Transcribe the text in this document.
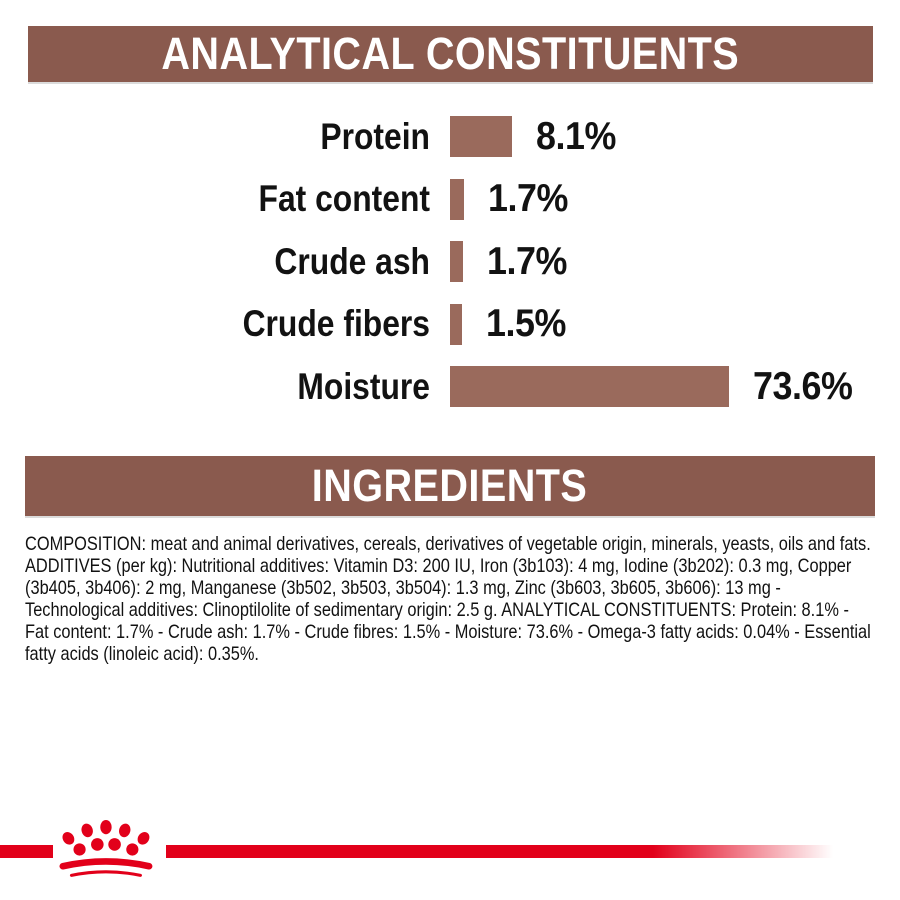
ANALYTICAL CONSTITUENTS
Protein	8.1%
Fat content 1.7%
Crude ash 1.7%
Crude fibers 1.5%
Moisture	73.6%
INGREDIENTS

COMPOSITION: meat and animal derivatives, cereals, derivatives of vegetable origin, minerals, yeasts, oils and fats. ADDITIVES (per kg): Nutritional additives: Vitamin D3: 200 IU, Iron (3b103): 4 mg, Iodine (3b202): 0.3 mg, Copper (3b405, 3b406): 2 mg, Manganese (3b502, 3b503, 3b504): 1.3 mg, Zinc (3b603, 3b605, 3b606): 13 mg - Technological additives: Clinoptilolite of sedimentary origin: 2.5 g. ANALYTICAL CONSTITUENTS: Protein: 8.1% - Fat content: 1.7% - Crude ash: 1.7% - Crude fibres: 1.5% - Moisture: 73.6% - Omega-3 fatty acids: 0.04% - Essential fatty acids (linoleic acid): 0.35%.
